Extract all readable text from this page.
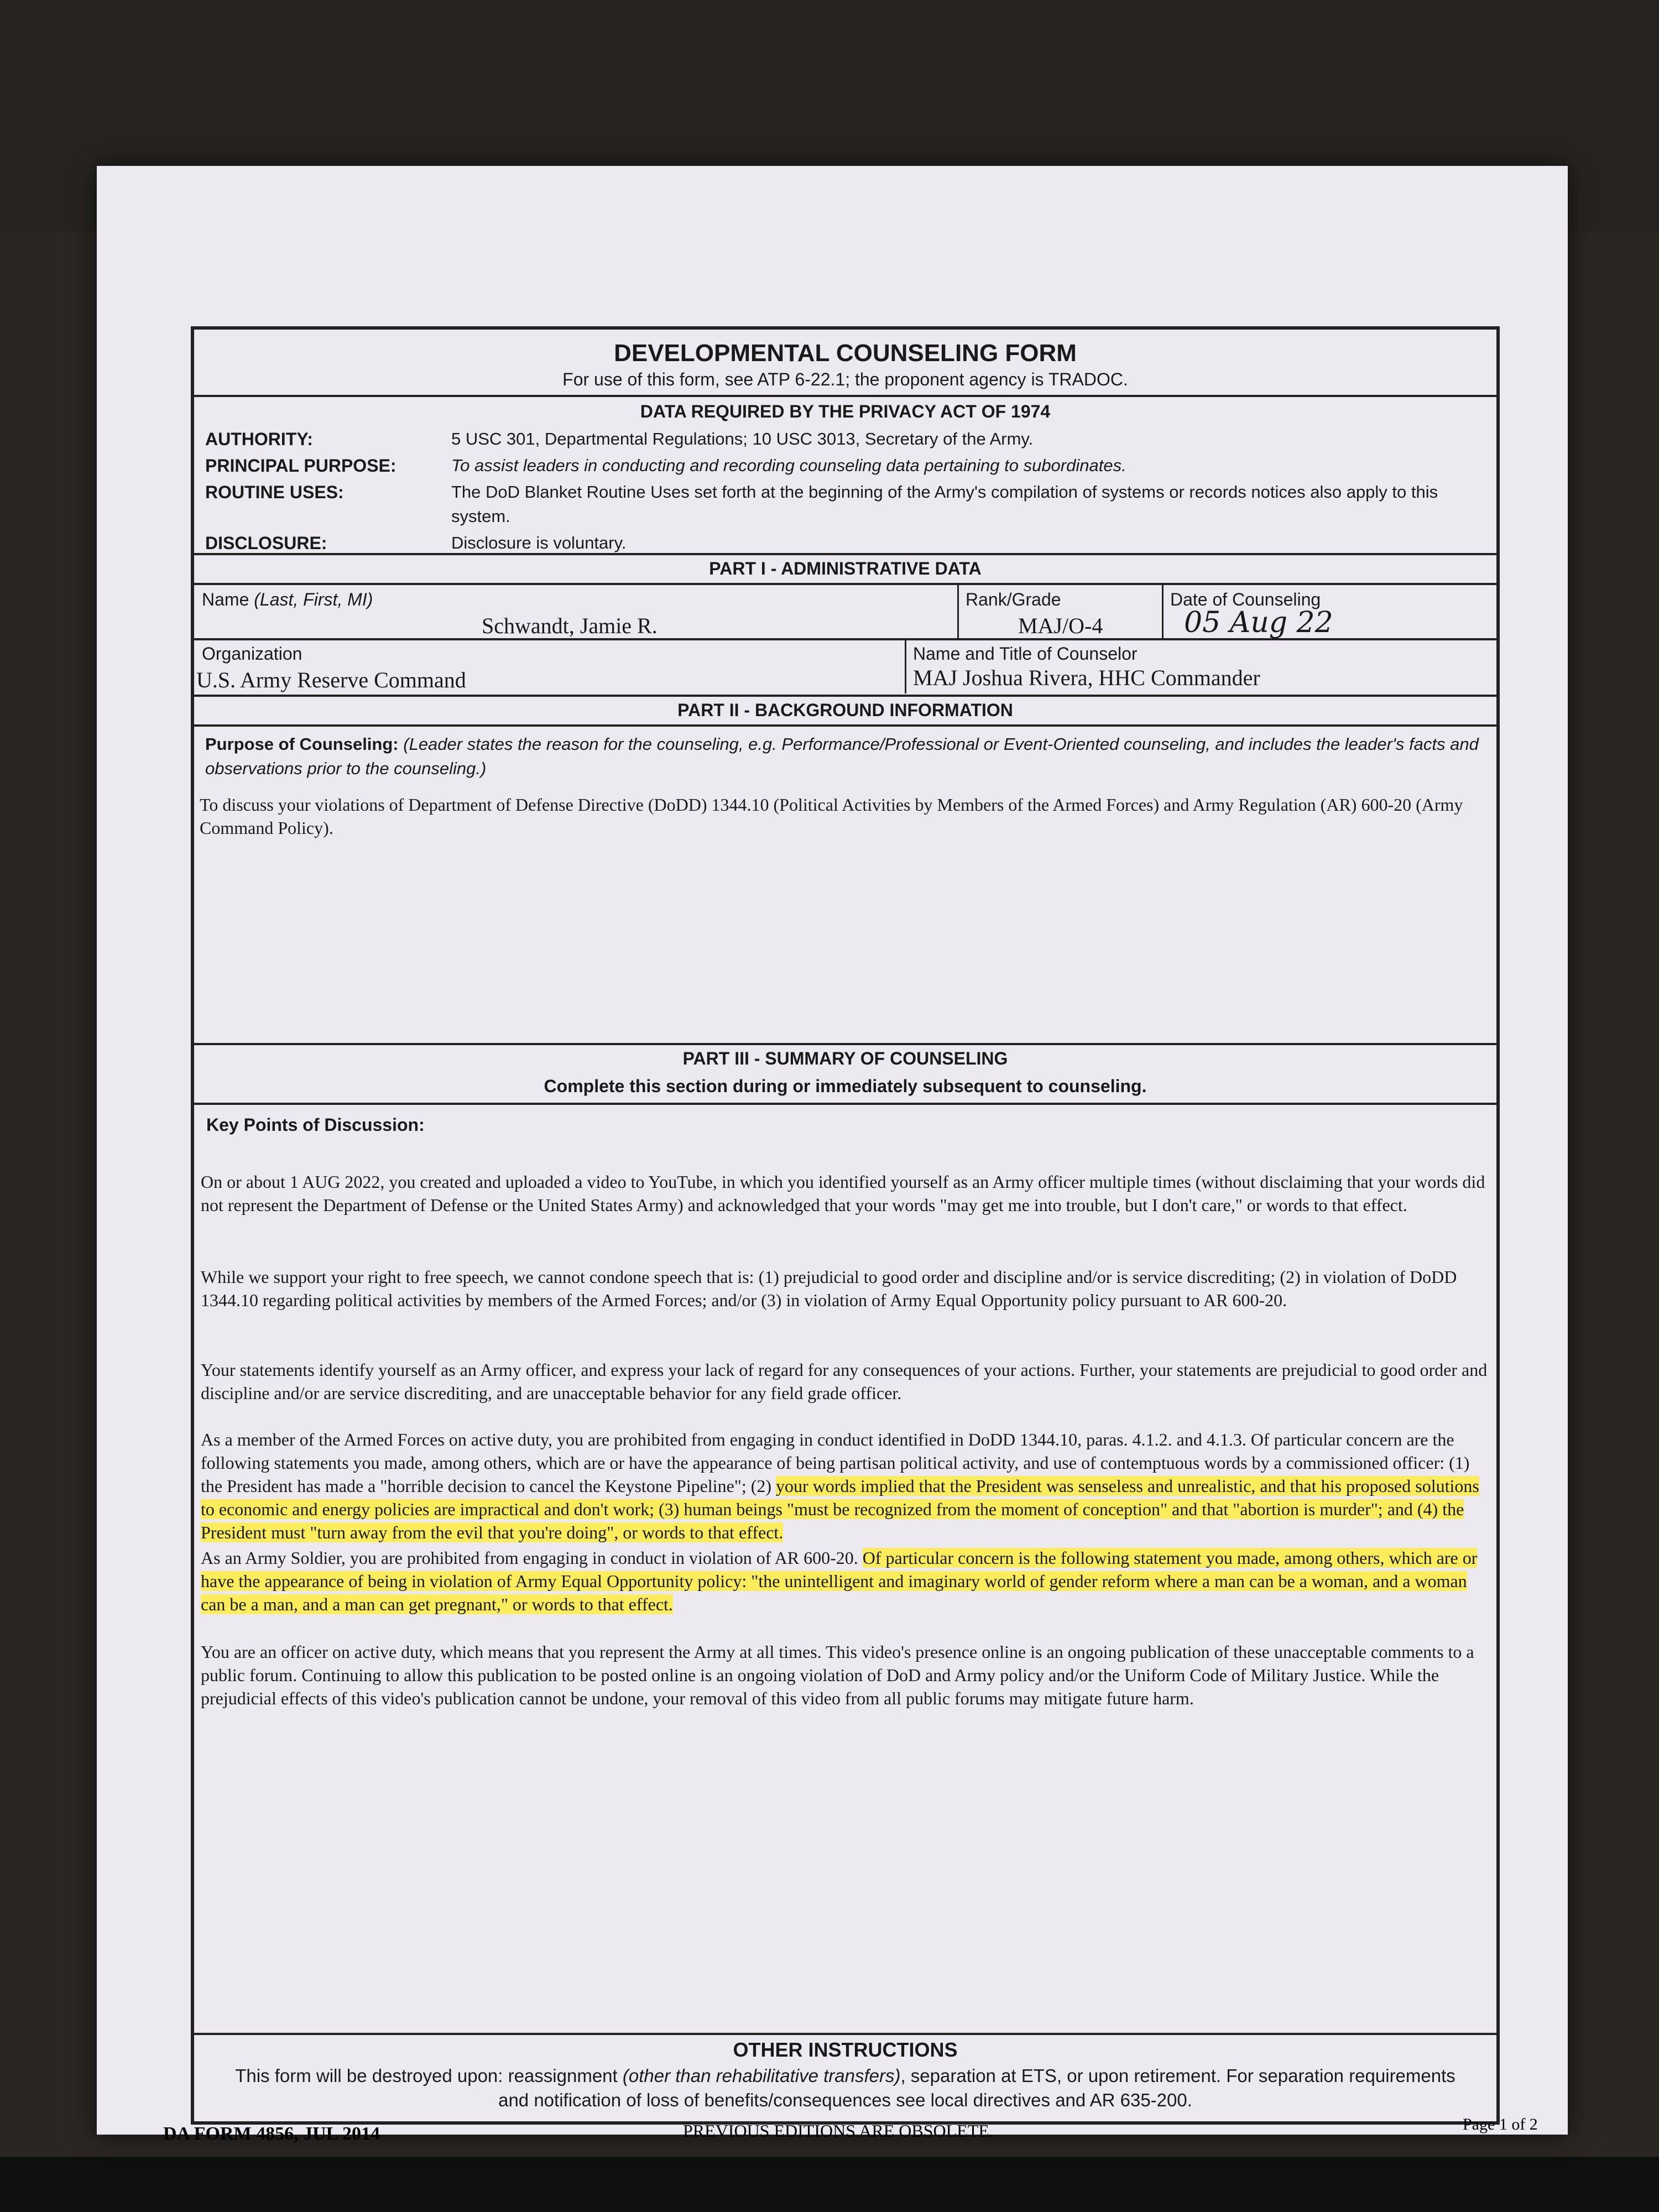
DEVELOPMENTAL COUNSELING FORM
For use of this form, see ATP 6-22.1; the proponent agency is TRADOC.
DATA REQUIRED BY THE PRIVACY ACT OF 1974
AUTHORITY:	5 USC 301, Departmental Regulations; 10 USC 3013, Secretary of the Army.
PRINCIPAL PURPOSE:	To assist leaders in conducting and recording counseling data pertaining to subordinates.
ROUTINE USES:	The DoD Blanket Routine Uses set forth at the beginning of the Army's compilation of systems or records notices also apply to this system.
DISCLOSURE:	Disclosure is voluntary.
PART I - ADMINISTRATIVE DATA
Name (Last, First, MI)
Schwandt, Jamie R.
Rank/Grade
MAJ/O-4
Date of Counseling
05 Aug 22
Organization
U.S. Army Reserve Command
Name and Title of Counselor
MAJ Joshua Rivera, HHC Commander
PART II - BACKGROUND INFORMATION
Purpose of Counseling: (Leader states the reason for the counseling, e.g. Performance/Professional or Event-Oriented counseling, and includes the leader's facts and observations prior to the counseling.)
To discuss your violations of Department of Defense Directive (DoDD) 1344.10 (Political Activities by Members of the Armed Forces) and Army Regulation (AR) 600-20 (Army Command Policy).
PART III - SUMMARY OF COUNSELING
Complete this section during or immediately subsequent to counseling.
Key Points of Discussion:
On or about 1 AUG 2022, you created and uploaded a video to YouTube, in which you identified yourself as an Army officer multiple times (without disclaiming that your words did not represent the Department of Defense or the United States Army) and acknowledged that your words "may get me into trouble, but I don't care," or words to that effect.
While we support your right to free speech, we cannot condone speech that is: (1) prejudicial to good order and discipline and/or is service discrediting; (2) in violation of DoDD 1344.10 regarding political activities by members of the Armed Forces; and/or (3) in violation of Army Equal Opportunity policy pursuant to AR 600-20.
Your statements identify yourself as an Army officer, and express your lack of regard for any consequences of your actions. Further, your statements are prejudicial to good order and discipline and/or are service discrediting, and are unacceptable behavior for any field grade officer.
As a member of the Armed Forces on active duty, you are prohibited from engaging in conduct identified in DoDD 1344.10, paras. 4.1.2. and 4.1.3. Of particular concern are the following statements you made, among others, which are or have the appearance of being partisan political activity, and use of contemptuous words by a commissioned officer: (1) the President has made a "horrible decision to cancel the Keystone Pipeline"; (2) your words implied that the President was senseless and unrealistic, and that his proposed solutions to economic and energy policies are impractical and don't work; (3) human beings "must be recognized from the moment of conception" and that "abortion is murder"; and (4) the President must "turn away from the evil that you're doing", or words to that effect.
As an Army Soldier, you are prohibited from engaging in conduct in violation of AR 600-20. Of particular concern is the following statement you made, among others, which are or have the appearance of being in violation of Army Equal Opportunity policy: "the unintelligent and imaginary world of gender reform where a man can be a woman, and a woman can be a man, and a man can get pregnant," or words to that effect.
You are an officer on active duty, which means that you represent the Army at all times. This video's presence online is an ongoing publication of these unacceptable comments to a public forum. Continuing to allow this publication to be posted online is an ongoing violation of DoD and Army policy and/or the Uniform Code of Military Justice. While the prejudicial effects of this video's publication cannot be undone, your removal of this video from all public forums may mitigate future harm.
OTHER INSTRUCTIONS
This form will be destroyed upon: reassignment (other than rehabilitative transfers), separation at ETS, or upon retirement. For separation requirements and notification of loss of benefits/consequences see local directives and AR 635-200.
DA FORM 4856, JUL 2014	PREVIOUS EDITIONS ARE OBSOLETE.	Page 1 of 2
